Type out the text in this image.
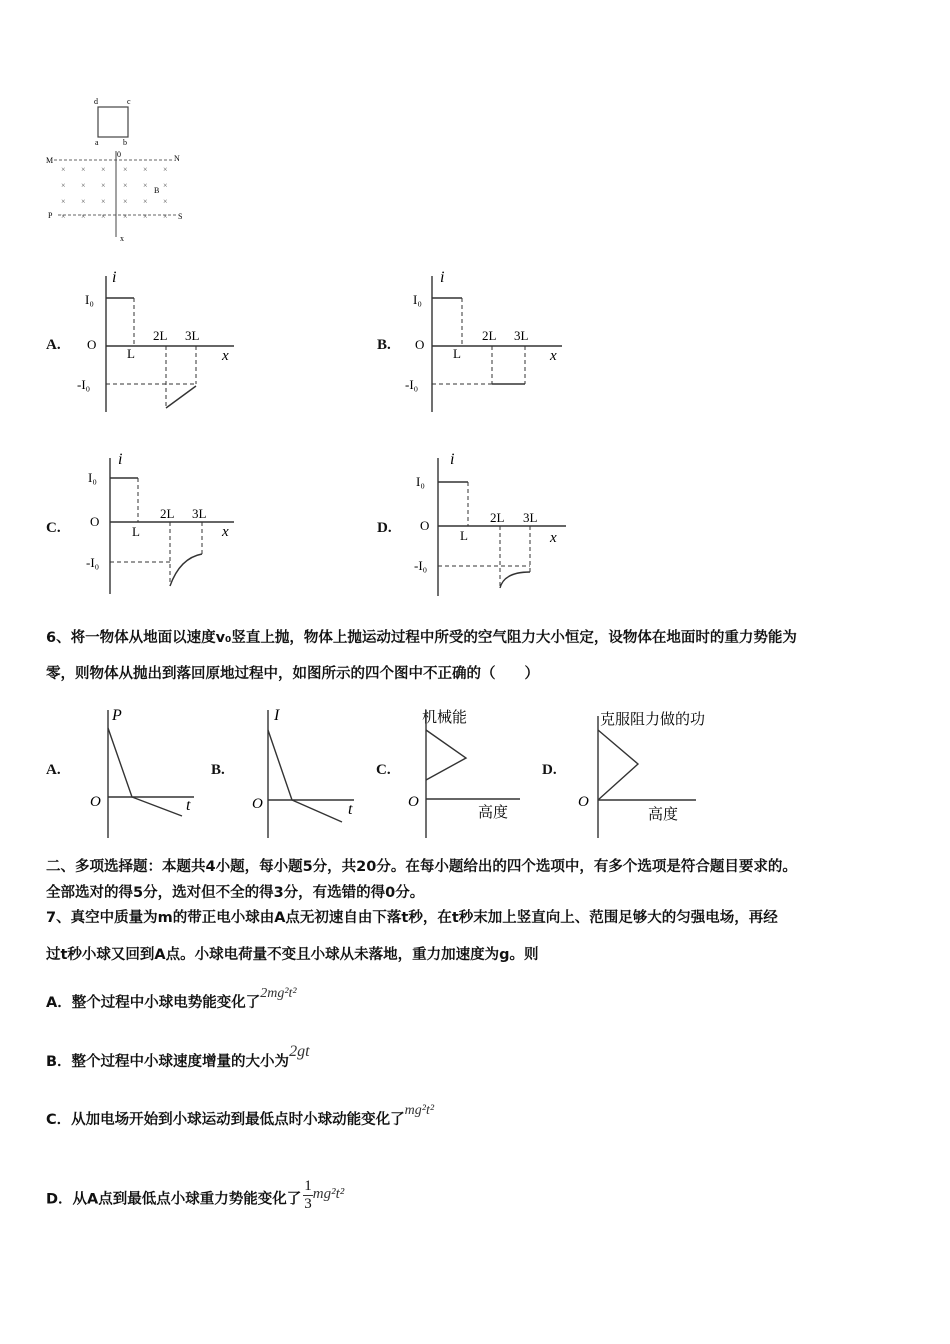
d	c
a	b
0
M	N
P	S
B
x
× × × × × ×
× × × × × ×
× × × × × ×
× × × × × ×
A.	B.
C.	D.
i
I₀
O
L
2L 3L
x
-I₀
i
I₀
O
L
2L 3L
x
-I₀
i
I₀
O
L
2L 3L
x
-I₀
i
I₀
O
L
2L 3L
x
-I₀
6、将一物体从地面以速度v₀竖直上抛，物体上抛运动过程中所受的空气阻力大小恒定，设物体在地面时的重力势能为
零，则物体从抛出到落回原地过程中，如图所示的四个图中不正确的（　　）
A.	B.	C.	D.
P
O	t
I
O	t
机械能
O
高度
克服阻力做的功
O
高度
二、多项选择题：本题共4小题，每小题5分，共20分。在每小题给出的四个选项中，有多个选项是符合题目要求的。
全部选对的得5分，选对但不全的得3分，有选错的得0分。
7、真空中质量为m的带正电小球由A点无初速自由下落t秒，在t秒末加上竖直向上、范围足够大的匀强电场，再经
过t秒小球又回到A点。小球电荷量不变且小球从未落地，重力加速度为g。则
A．整个过程中小球电势能变化了2mg²t²
B．整个过程中小球速度增量的大小为2gt
C．从加电场开始到小球运动到最低点时小球动能变化了mg²t²
D．从A点到最低点小球重力势能变化了 $\frac{1}{3} mg^2t^2$
